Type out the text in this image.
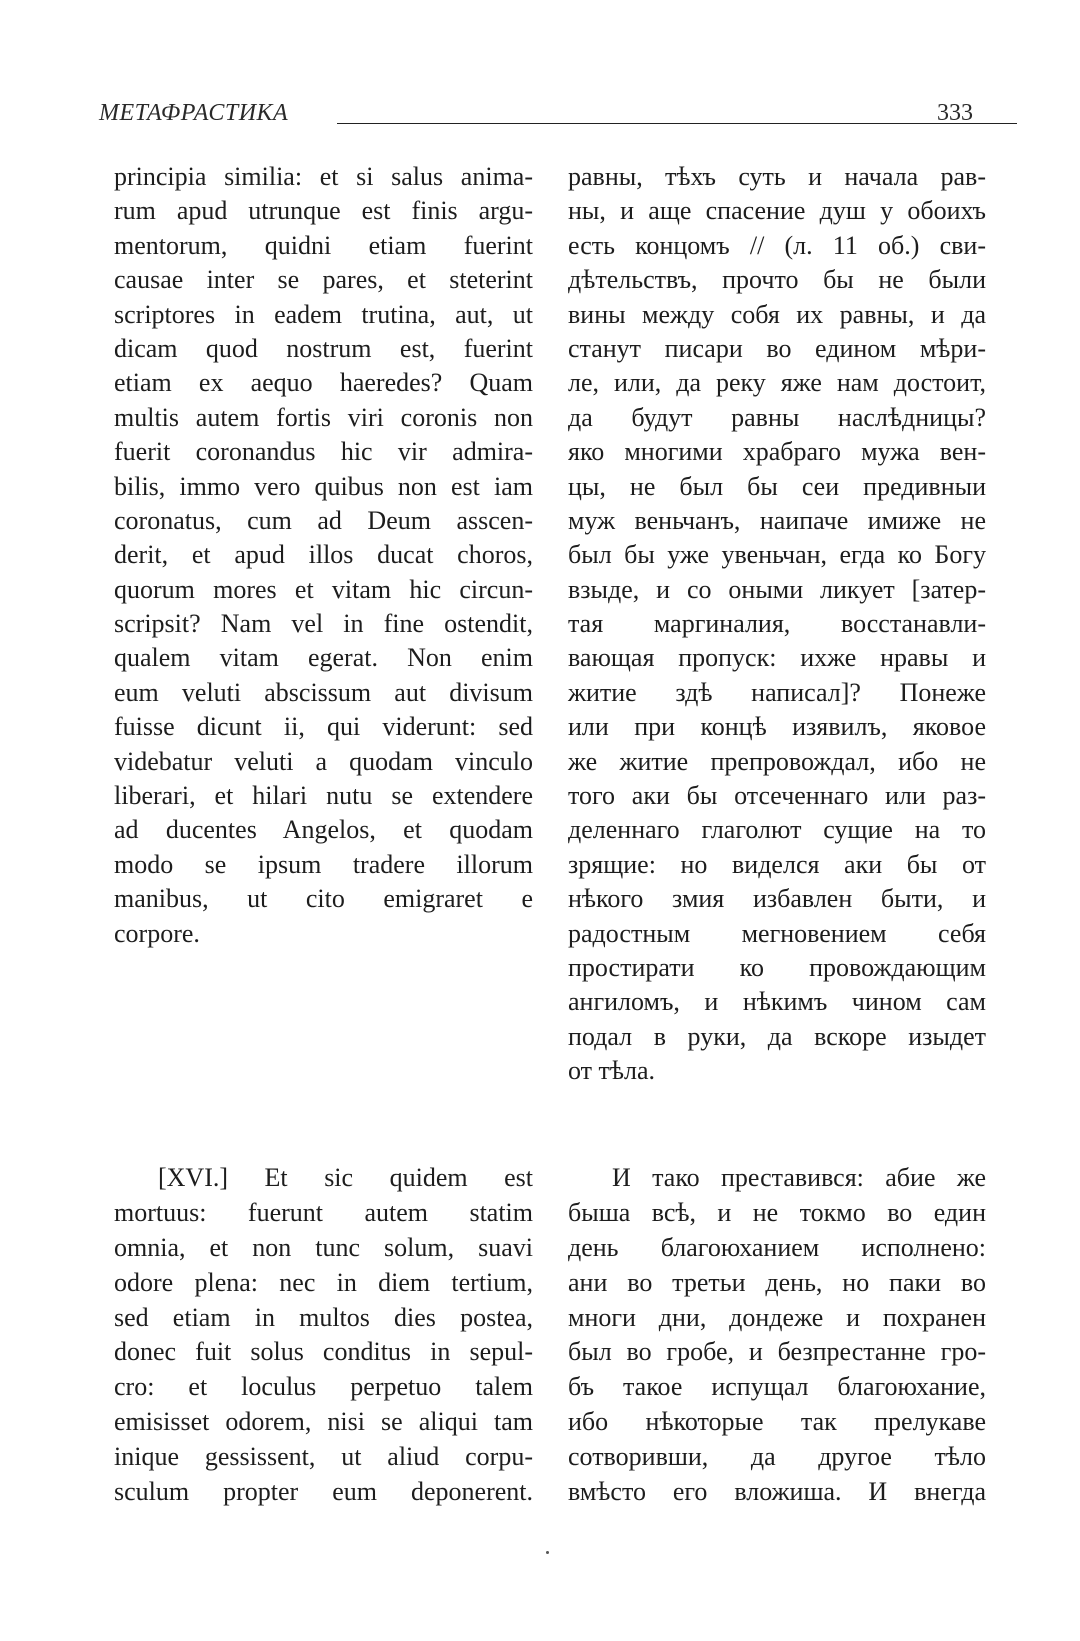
МЕТАФРАСТИКА	333
principia similia: et si salus anima-
rum apud utrunque est finis argu-
mentorum, quidni etiam fuerint
causae inter se pares, et steterint
scriptores in eadem trutina, aut, ut
dicam quod nostrum est, fuerint
etiam ex aequo haeredes? Quam
multis autem fortis viri coronis non
fuerit coronandus hic vir admira-
bilis, immo vero quibus non est iam
coronatus, cum ad Deum asscen-
derit, et apud illos ducat choros,
quorum mores et vitam hic circun-
scripsit? Nam vel in fine ostendit,
qualem vitam egerat. Non enim
eum veluti abscissum aut divisum
fuisse dicunt ii, qui viderunt: sed
videbatur veluti a quodam vinculo
liberari, et hilari nutu se extendere
ad ducentes Angelos, et quodam
modo se ipsum tradere illorum
manibus, ut cito emigraret e
corpore.
равны, тѣхъ суть и начала рав-
ны, и аще спасение душ у обоихъ
есть концомъ // (л. 11 об.) сви-
дѣтельствъ, прочто бы не были
вины между собя их равны, и да
станут писари во едином мѣри-
ле, или, да реку яже нам достоит,
да будут равны наслѣдницы?
яко многими храбраго мужа вен-
цы, не был бы сеи предивныи
муж веньчанъ, наипаче имиже не
был бы уже увеньчан, егда ко Богу
взыде, и со оными ликует [затер-
тая маргиналия, восстанавли-
вающая пропуск: ихже нравы и
житие здѣ написал]? Понеже
или при концѣ изявилъ, яковое
же житие препровождал, ибо не
того аки бы отсеченнаго или раз-
деленнаго глаголют сущие на то
зрящие: но виделся аки бы от
нѣкого змия избавлен быти, и
радостным мегновением себя
простирати ко провождающим
ангиломъ, и нѣкимъ чином сам
подал в руки, да вскоре изыдет
от тѣла.
[XVI.] Et sic quidem est
mortuus: fuerunt autem statim
omnia, et non tunc solum, suavi
odore plena: nec in diem tertium,
sed etiam in multos dies postea,
donec fuit solus conditus in sepul-
cro: et loculus perpetuo talem
emisisset odorem, nisi se aliqui tam
inique gessissent, ut aliud corpu-
sculum propter eum deponerent.
И тако преставився: абие же
быша всѣ, и не токмо во един
день благоюханием исполнено:
ани во третьи день, но паки во
многи дни, дондеже и похранен
был во гробе, и безпрестанне гро-
бъ такое испущал благоюхание,
ибо нѣкоторые так прелукаве
сотворивши, да другое тѣло
вмѣсто его вложиша. И внегда
